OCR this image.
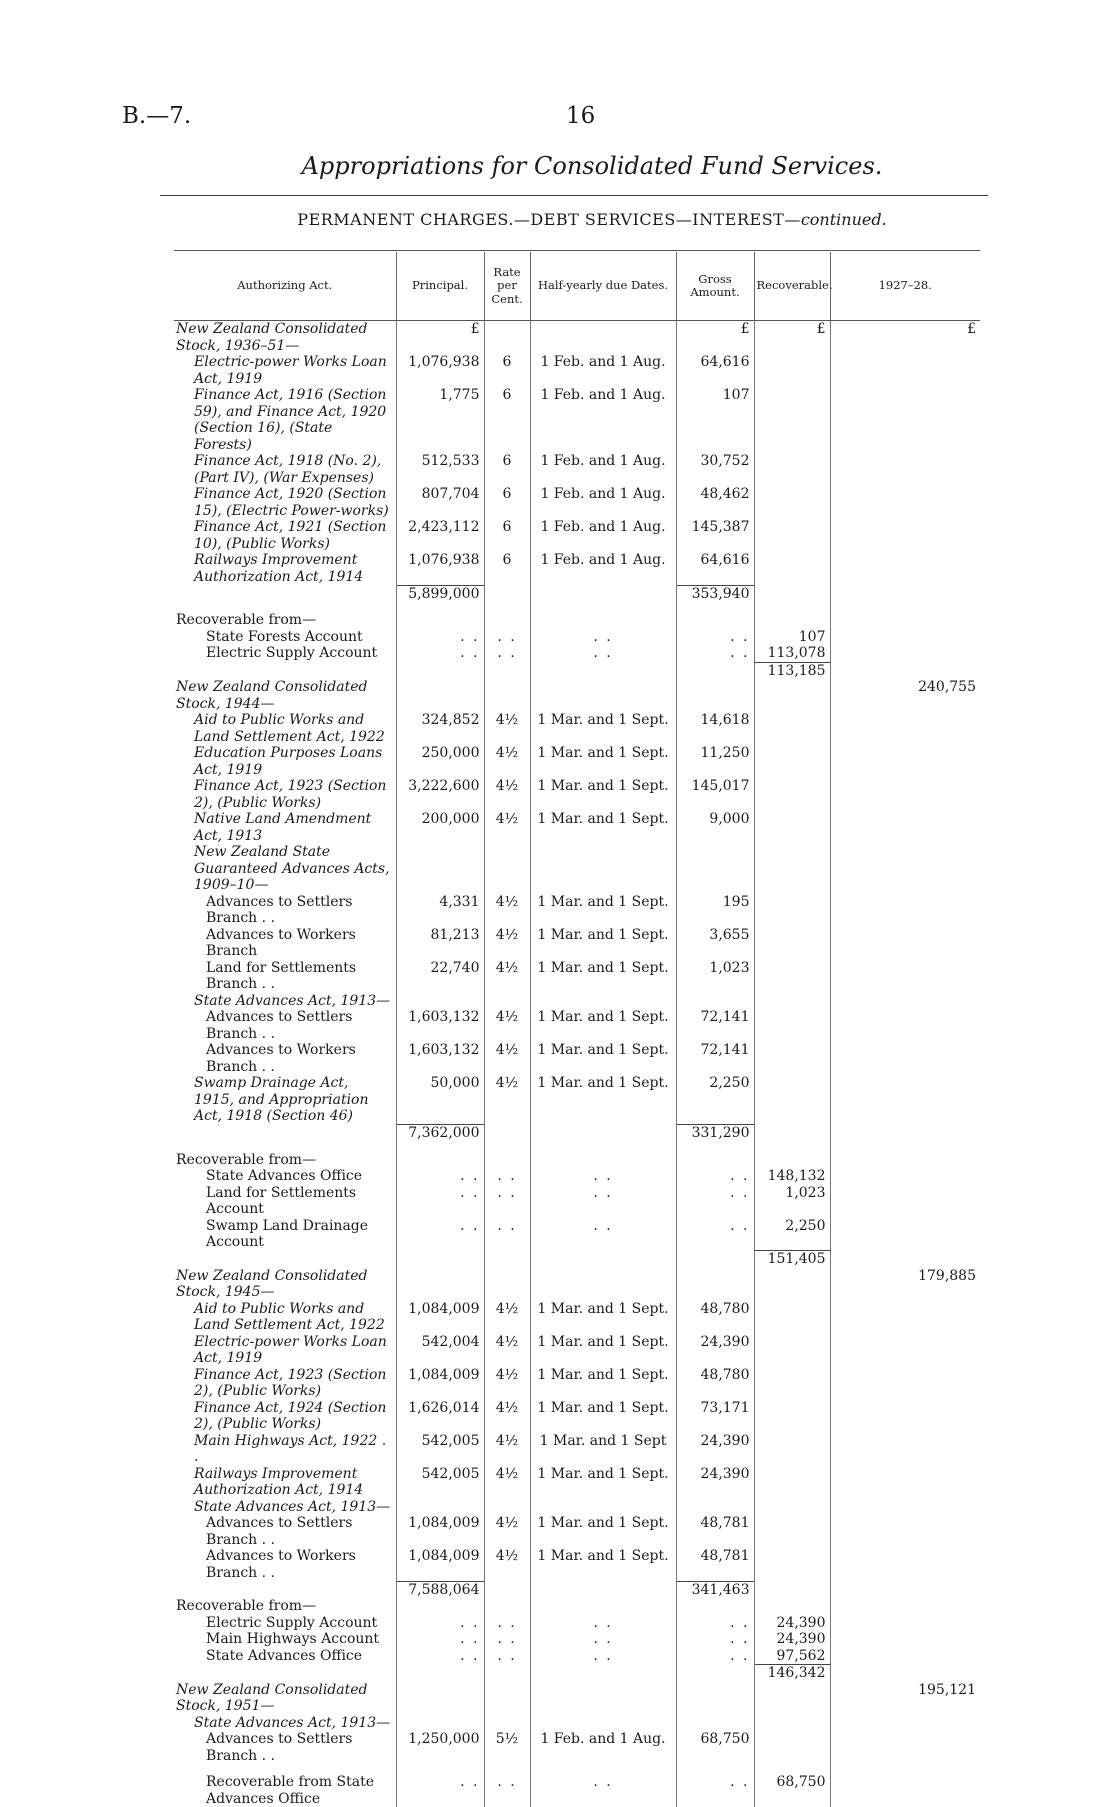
B.—7.	16
Appropriations for Consolidated Fund Services.
PERMANENT CHARGES.—DEBT SERVICES—INTEREST—continued.
Authorizing Act.	Principal.	Rate per Cent.	Half-yearly due Dates.	Gross Amount.	Recoverable.	1927–28.
New Zealand Consolidated Stock, 1936–51—	£			£	£	£
Electric-power Works Loan Act, 1919	1,076,938	6	1 Feb. and 1 Aug.	64,616		
Finance Act, 1916 (Section 59), and Finance Act, 1920 (Section 16), (State Forests)	1,775	6	1 Feb. and 1 Aug.	107		
Finance Act, 1918 (No. 2), (Part IV), (War Expenses)	512,533	6	1 Feb. and 1 Aug.	30,752		
Finance Act, 1920 (Section 15), (Electric Power-works)	807,704	6	1 Feb. and 1 Aug.	48,462		
Finance Act, 1921 (Section 10), (Public Works)	2,423,112	6	1 Feb. and 1 Aug.	145,387		
Railways Improvement Authorization Act, 1914	1,076,938	6	1 Feb. and 1 Aug.	64,616		
	5,899,000			353,940		

Recoverable from—						
State Forests Account	. .	. .	. .	. .	107	
Electric Supply Account	. .	. .	. .	. .	113,078	
					113,185	
New Zealand Consolidated Stock, 1944—						240,755
Aid to Public Works and Land Settlement Act, 1922	324,852	4½	1 Mar. and 1 Sept.	14,618		
Education Purposes Loans Act, 1919	250,000	4½	1 Mar. and 1 Sept.	11,250		
Finance Act, 1923 (Section 2), (Public Works)	3,222,600	4½	1 Mar. and 1 Sept.	145,017		
Native Land Amendment Act, 1913	200,000	4½	1 Mar. and 1 Sept.	9,000		
New Zealand State Guaranteed Advances Acts, 1909–10—						
Advances to Settlers Branch . .	4,331	4½	1 Mar. and 1 Sept.	195		
Advances to Workers Branch	81,213	4½	1 Mar. and 1 Sept.	3,655		
Land for Settlements Branch . .	22,740	4½	1 Mar. and 1 Sept.	1,023		
State Advances Act, 1913—						
Advances to Settlers Branch . .	1,603,132	4½	1 Mar. and 1 Sept.	72,141		
Advances to Workers Branch . .	1,603,132	4½	1 Mar. and 1 Sept.	72,141		
Swamp Drainage Act, 1915, and Appropriation Act, 1918 (Section 46)	50,000	4½	1 Mar. and 1 Sept.	2,250		
	7,362,000			331,290		

Recoverable from—						
State Advances Office	. .	. .	. .	. .	148,132	
Land for Settlements Account	. .	. .	. .	. .	1,023	
Swamp Land Drainage Account	. .	. .	. .	. .	2,250	
					151,405	
New Zealand Consolidated Stock, 1945—						179,885
Aid to Public Works and Land Settlement Act, 1922	1,084,009	4½	1 Mar. and 1 Sept.	48,780		
Electric-power Works Loan Act, 1919	542,004	4½	1 Mar. and 1 Sept.	24,390		
Finance Act, 1923 (Section 2), (Public Works)	1,084,009	4½	1 Mar. and 1 Sept.	48,780		
Finance Act, 1924 (Section 2), (Public Works)	1,626,014	4½	1 Mar. and 1 Sept.	73,171		
Main Highways Act, 1922 . .	542,005	4½	1 Mar. and 1 Sept	24,390		
Railways Improvement Authorization Act, 1914	542,005	4½	1 Mar. and 1 Sept.	24,390		
State Advances Act, 1913—						
Advances to Settlers Branch . .	1,084,009	4½	1 Mar. and 1 Sept.	48,781		
Advances to Workers Branch . .	1,084,009	4½	1 Mar. and 1 Sept.	48,781		
	7,588,064			341,463		
Recoverable from—						
Electric Supply Account	. .	. .	. .	. .	24,390	
Main Highways Account	. .	. .	. .	. .	24,390	
State Advances Office	. .	. .	. .	. .	97,562	
					146,342	
New Zealand Consolidated Stock, 1951—						195,121
State Advances Act, 1913—						
Advances to Settlers Branch . .	1,250,000	5½	1 Feb. and 1 Aug.	68,750		

Recoverable from State Advances Office	. .	. .	. .	. .	68,750	
